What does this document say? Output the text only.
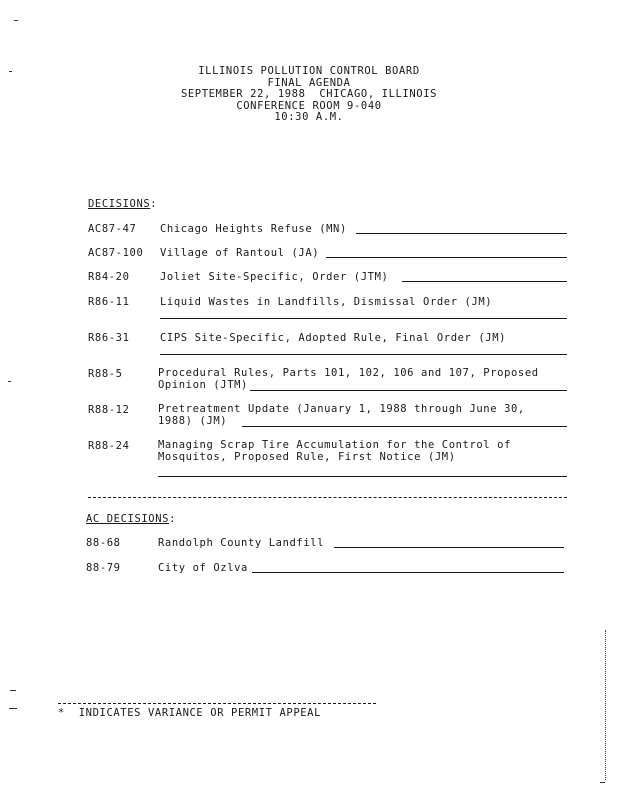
ILLINOIS POLLUTION CONTROL BOARD
FINAL AGENDA
SEPTEMBER 22, 1988  CHICAGO, ILLINOIS
CONFERENCE ROOM 9-040
10:30 A.M.
DECISIONS:
AC87-47 Chicago Heights Refuse (MN)
AC87-100 Village of Rantoul (JA)
R84-20	Joliet Site-Specific, Order (JTM)
R86-11	Liquid Wastes in Landfills, Dismissal Order (JM)
R86-31	CIPS Site-Specific, Adopted Rule, Final Order (JM)
R88-5	Procedural Rules, Parts 101, 102, 106 and 107, Proposed
Opinion (JTM)
R88-12	Pretreatment Update (January 1, 1988 through June 30,
1988) (JM)
R88-24	Managing Scrap Tire Accumulation for the Control of
Mosquitos, Proposed Rule, First Notice (JM)
AC DECISIONS:
88-68	Randolph County Landfill
88-79	City of Ozlva
*  INDICATES VARIANCE OR PERMIT APPEAL
